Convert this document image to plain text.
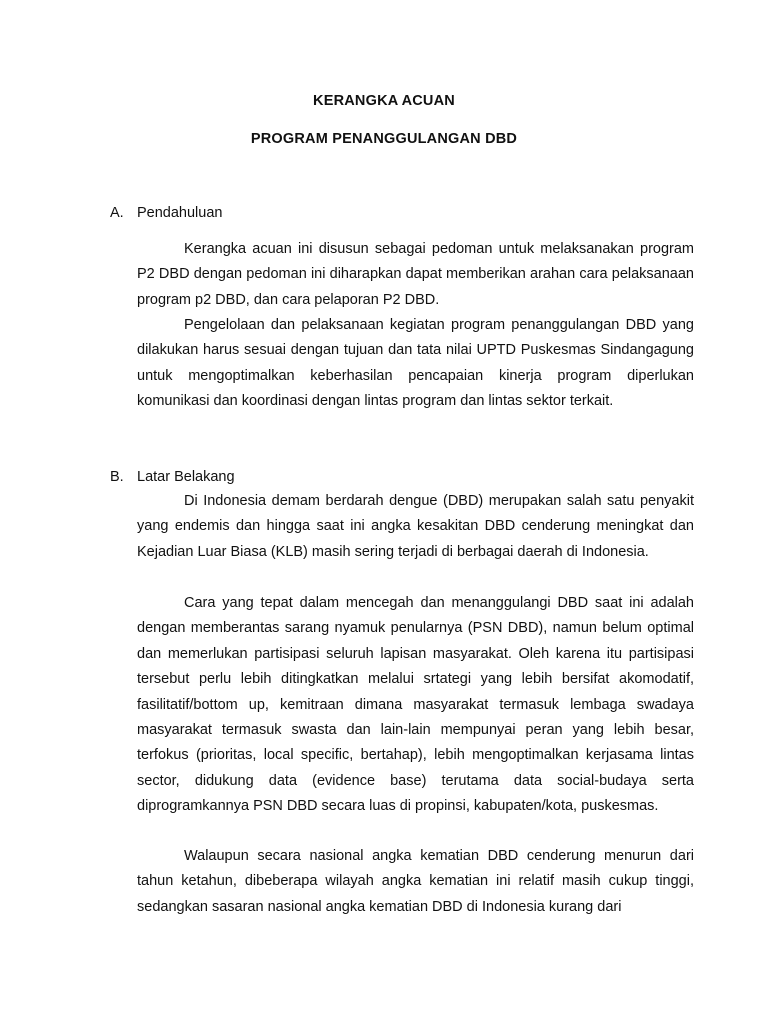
KERANGKA ACUAN
PROGRAM PENANGGULANGAN DBD
A. Pendahuluan

Kerangka acuan ini disusun sebagai pedoman untuk melaksanakan program P2 DBD dengan pedoman ini diharapkan dapat memberikan arahan cara pelaksanaan program p2 DBD, dan cara pelaporan P2 DBD.

Pengelolaan dan pelaksanaan kegiatan program penanggulangan DBD yang dilakukan harus sesuai dengan tujuan dan tata nilai UPTD Puskesmas Sindangagung untuk mengoptimalkan keberhasilan pencapaian kinerja program diperlukan komunikasi dan koordinasi dengan lintas program dan lintas sektor terkait.

B. Latar Belakang

Di Indonesia demam berdarah dengue (DBD) merupakan salah satu penyakit yang endemis dan hingga saat ini angka kesakitan DBD cenderung meningkat dan Kejadian Luar Biasa (KLB) masih sering terjadi di berbagai daerah di Indonesia.

Cara yang tepat dalam mencegah dan menanggulangi DBD saat ini adalah dengan memberantas sarang nyamuk penularnya (PSN DBD), namun belum optimal dan memerlukan partisipasi seluruh lapisan masyarakat. Oleh karena itu partisipasi tersebut perlu lebih ditingkatkan melalui srtategi yang lebih bersifat akomodatif, fasilitatif/bottom up, kemitraan dimana masyarakat termasuk lembaga swadaya masyarakat termasuk swasta dan lain-lain mempunyai peran yang lebih besar, terfokus (prioritas, local specific, bertahap), lebih mengoptimalkan kerjasama lintas sector, didukung data (evidence base) terutama data social-budaya serta diprogramkannya PSN DBD secara luas di propinsi, kabupaten/kota, puskesmas.

Walaupun secara nasional angka kematian DBD cenderung menurun dari tahun ketahun, dibeberapa wilayah angka kematian ini relatif masih cukup tinggi, sedangkan sasaran nasional angka kematian DBD di Indonesia kurang dari
